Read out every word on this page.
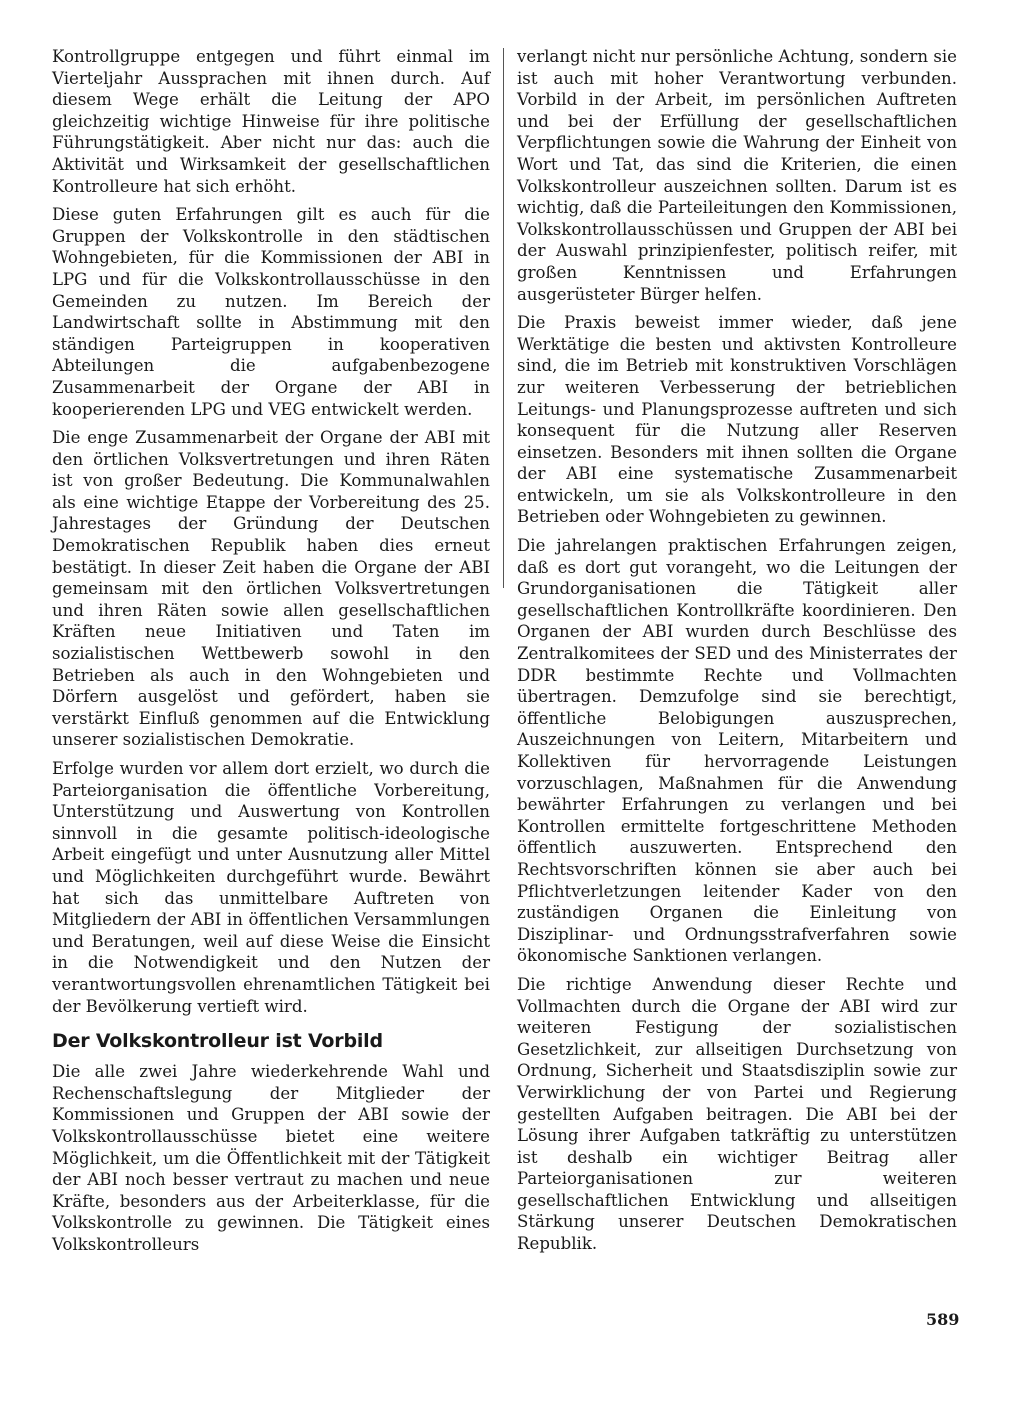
Kontrollgruppe entgegen und führt einmal im Vierteljahr Aussprachen mit ihnen durch. Auf diesem Wege erhält die Leitung der APO gleichzeitig wichtige Hinweise für ihre politische Führungstätigkeit. Aber nicht nur das: auch die Aktivität und Wirksamkeit der gesellschaftlichen Kontrolleure hat sich erhöht.

Diese guten Erfahrungen gilt es auch für die Gruppen der Volkskontrolle in den städtischen Wohngebieten, für die Kommissionen der ABI in LPG und für die Volkskontrollausschüsse in den Gemeinden zu nutzen. Im Bereich der Landwirtschaft sollte in Abstimmung mit den ständigen Parteigruppen in kooperativen Abteilungen die aufgabenbezogene Zusammenarbeit der Organe der ABI in kooperierenden LPG und VEG entwickelt werden.

Die enge Zusammenarbeit der Organe der ABI mit den örtlichen Volksvertretungen und ihren Räten ist von großer Bedeutung. Die Kommunalwahlen als eine wichtige Etappe der Vorbereitung des 25. Jahrestages der Gründung der Deutschen Demokratischen Republik haben dies erneut bestätigt. In dieser Zeit haben die Organe der ABI gemeinsam mit den örtlichen Volksvertretungen und ihren Räten sowie allen gesellschaftlichen Kräften neue Initiativen und Taten im sozialistischen Wettbewerb sowohl in den Betrieben als auch in den Wohngebieten und Dörfern ausgelöst und gefördert, haben sie verstärkt Einfluß genommen auf die Entwicklung unserer sozialistischen Demokratie.

Erfolge wurden vor allem dort erzielt, wo durch die Parteiorganisation die öffentliche Vorbereitung, Unterstützung und Auswertung von Kontrollen sinnvoll in die gesamte politisch-ideologische Arbeit eingefügt und unter Ausnutzung aller Mittel und Möglichkeiten durchgeführt wurde. Bewährt hat sich das unmittelbare Auftreten von Mitgliedern der ABI in öffentlichen Versammlungen und Beratungen, weil auf diese Weise die Einsicht in die Notwendigkeit und den Nutzen der verantwortungsvollen ehrenamtlichen Tätigkeit bei der Bevölkerung vertieft wird.

Der Volkskontrolleur ist Vorbild

Die alle zwei Jahre wiederkehrende Wahl und Rechenschaftslegung der Mitglieder der Kommissionen und Gruppen der ABI sowie der Volkskontrollausschüsse bietet eine weitere Möglichkeit, um die Öffentlichkeit mit der Tätigkeit der ABI noch besser vertraut zu machen und neue Kräfte, besonders aus der Arbeiterklasse, für die Volkskontrolle zu gewinnen. Die Tätigkeit eines Volkskontrolleurs

verlangt nicht nur persönliche Achtung, sondern sie ist auch mit hoher Verantwortung verbunden. Vorbild in der Arbeit, im persönlichen Auftreten und bei der Erfüllung der gesellschaftlichen Verpflichtungen sowie die Wahrung der Einheit von Wort und Tat, das sind die Kriterien, die einen Volkskontrolleur auszeichnen sollten. Darum ist es wichtig, daß die Parteileitungen den Kommissionen, Volkskontrollausschüssen und Gruppen der ABI bei der Auswahl prinzipienfester, politisch reifer, mit großen Kenntnissen und Erfahrungen ausgerüsteter Bürger helfen.

Die Praxis beweist immer wieder, daß jene Werktätige die besten und aktivsten Kontrolleure sind, die im Betrieb mit konstruktiven Vorschlägen zur weiteren Verbesserung der betrieblichen Leitungs- und Planungsprozesse auftreten und sich konsequent für die Nutzung aller Reserven einsetzen. Besonders mit ihnen sollten die Organe der ABI eine systematische Zusammenarbeit entwickeln, um sie als Volkskontrolleure in den Betrieben oder Wohngebieten zu gewinnen.

Die jahrelangen praktischen Erfahrungen zeigen, daß es dort gut vorangeht, wo die Leitungen der Grundorganisationen die Tätigkeit aller gesellschaftlichen Kontrollkräfte koordinieren. Den Organen der ABI wurden durch Beschlüsse des Zentralkomitees der SED und des Ministerrates der DDR bestimmte Rechte und Vollmachten übertragen. Demzufolge sind sie berechtigt, öffentliche Belobigungen auszusprechen, Auszeichnungen von Leitern, Mitarbeitern und Kollektiven für hervorragende Leistungen vorzuschlagen, Maßnahmen für die Anwendung bewährter Erfahrungen zu verlangen und bei Kontrollen ermittelte fortgeschrittene Methoden öffentlich auszuwerten. Entsprechend den Rechtsvorschriften können sie aber auch bei Pflichtverletzungen leitender Kader von den zuständigen Organen die Einleitung von Disziplinar- und Ordnungsstrafverfahren sowie ökonomische Sanktionen verlangen.

Die richtige Anwendung dieser Rechte und Vollmachten durch die Organe der ABI wird zur weiteren Festigung der sozialistischen Gesetzlichkeit, zur allseitigen Durchsetzung von Ordnung, Sicherheit und Staatsdisziplin sowie zur Verwirklichung der von Partei und Regierung gestellten Aufgaben beitragen. Die ABI bei der Lösung ihrer Aufgaben tatkräftig zu unterstützen ist deshalb ein wichtiger Beitrag aller Parteiorganisationen zur weiteren gesellschaftlichen Entwicklung und allseitigen Stärkung unserer Deutschen Demokratischen Republik.

589
